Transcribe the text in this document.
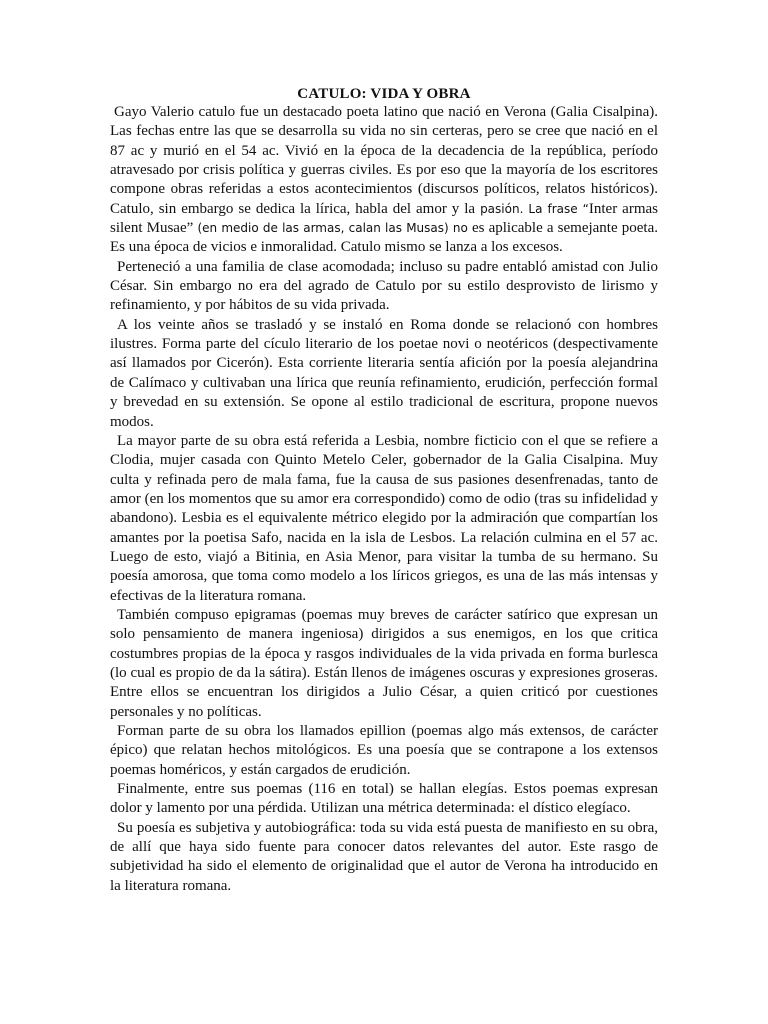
CATULO: VIDA Y OBRA

Gayo Valerio catulo fue un destacado poeta latino que nació en Verona (Galia Cisalpina). Las fechas entre las que se desarrolla su vida no sin certeras, pero se cree que nació en el 87 ac y murió en el 54 ac. Vivió en la época de la decadencia de la república, período atravesado por crisis política y guerras civiles. Es por eso que la mayoría de los escritores compone obras referidas a estos acontecimientos (discursos políticos, relatos históricos). Catulo, sin embargo se dedica la lírica, habla del amor y la pasión. La frase “Inter armas silent Musae” (en medio de las armas, calan las Musas) no es aplicable a semejante poeta. Es una época de vicios e inmoralidad. Catulo mismo se lanza a los excesos.

Perteneció a una familia de clase acomodada; incluso su padre entabló amistad con Julio César. Sin embargo no era del agrado de Catulo por su estilo desprovisto de lirismo y refinamiento, y por hábitos de su vida privada.

A los veinte años se trasladó y se instaló en Roma donde se relacionó con hombres ilustres. Forma parte del cículo literario de los poetae novi o neotéricos (despectivamente así llamados por Cicerón). Esta corriente literaria sentía afición por la poesía alejandrina de Calímaco y cultivaban una lírica que reunía refinamiento, erudición, perfección formal y brevedad en su extensión. Se opone al estilo tradicional de escritura, propone nuevos modos.

La mayor parte de su obra está referida a Lesbia, nombre ficticio con el que se refiere a Clodia, mujer casada con Quinto Metelo Celer, gobernador de la Galia Cisalpina. Muy culta y refinada pero de mala fama, fue la causa de sus pasiones desenfrenadas, tanto de amor (en los momentos que su amor era correspondido) como de odio (tras su infidelidad y abandono). Lesbia es el equivalente métrico elegido por la admiración que compartían los amantes por la poetisa Safo, nacida en la isla de Lesbos. La relación culmina en el 57 ac. Luego de esto, viajó a Bitinia, en Asia Menor, para visitar la tumba de su hermano. Su poesía amorosa, que toma como modelo a los líricos griegos, es una de las más intensas y efectivas de la literatura romana.

También compuso epigramas (poemas muy breves de carácter satírico que expresan un solo pensamiento de manera ingeniosa) dirigidos a sus enemigos, en los que critica costumbres propias de la época y rasgos individuales de la vida privada en forma burlesca (lo cual es propio de da la sátira). Están llenos de imágenes oscuras y expresiones groseras. Entre ellos se encuentran los dirigidos a Julio César, a quien criticó por cuestiones personales y no políticas.

Forman parte de su obra los llamados epillion (poemas algo más extensos, de carácter épico) que relatan hechos mitológicos. Es una poesía que se contrapone a los extensos poemas homéricos, y están cargados de erudición.

Finalmente, entre sus poemas (116 en total) se hallan elegías. Estos poemas expresan dolor y lamento por una pérdida. Utilizan una métrica determinada: el dístico elegíaco.

Su poesía es subjetiva y autobiográfica: toda su vida está puesta de manifiesto en su obra, de allí que haya sido fuente para conocer datos relevantes del autor. Este rasgo de subjetividad ha sido el elemento de originalidad que el autor de Verona ha introducido en la literatura romana.
